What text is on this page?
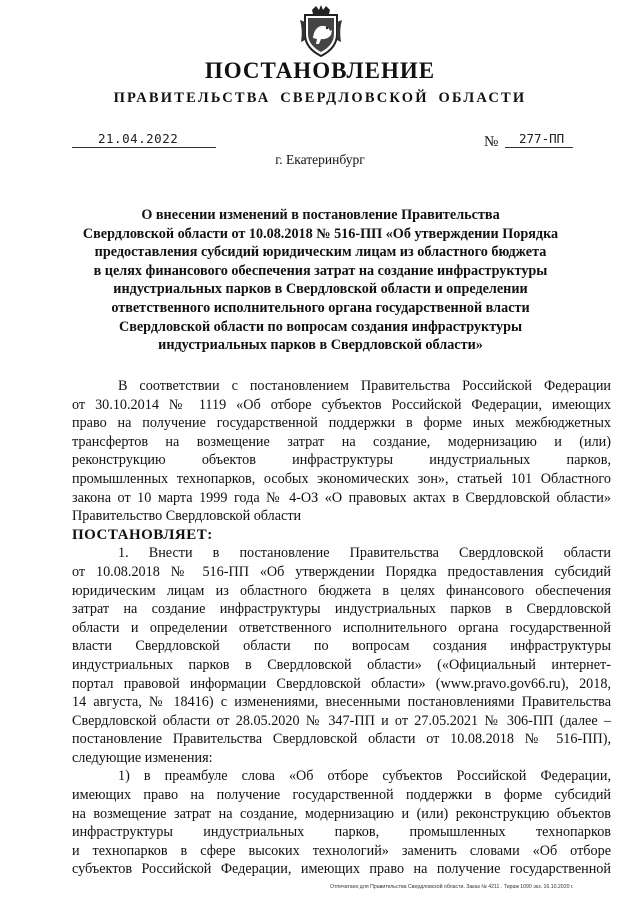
ПОСТАНОВЛЕНИЕ
ПРАВИТЕЛЬСТВА СВЕРДЛОВСКОЙ ОБЛАСТИ
21.04.2022	№ 277-ПП
г. Екатеринбург
О внесении изменений в постановление Правительства
Свердловской области от 10.08.2018 № 516-ПП «Об утверждении Порядка
предоставления субсидий юридическим лицам из областного бюджета
в целях финансового обеспечения затрат на создание инфраструктуры
индустриальных парков в Свердловской области и определении
ответственного исполнительного органа государственной власти
Свердловской области по вопросам создания инфраструктуры
индустриальных парков в Свердловской области»
В соответствии с постановлением Правительства Российской Федерации
от 30.10.2014 № 1119 «Об отборе субъектов Российской Федерации, имеющих
право на получение государственной поддержки в форме иных межбюджетных
трансфертов на возмещение затрат на создание, модернизацию и (или)
реконструкцию объектов инфраструктуры индустриальных парков,
промышленных технопарков, особых экономических зон», статьей 101 Областного
закона от 10 марта 1999 года № 4-ОЗ «О правовых актах в Свердловской области»
Правительство Свердловской области
ПОСТАНОВЛЯЕТ:
1. Внести в постановление Правительства Свердловской области
от 10.08.2018 № 516-ПП «Об утверждении Порядка предоставления субсидий
юридическим лицам из областного бюджета в целях финансового обеспечения
затрат на создание инфраструктуры индустриальных парков в Свердловской
области и определении ответственного исполнительного органа государственной
власти Свердловской области по вопросам создания инфраструктуры
индустриальных парков в Свердловской области» («Официальный интернет-
портал правовой информации Свердловской области» (www.pravo.gov66.ru), 2018,
14 августа, № 18416) с изменениями, внесенными постановлениями Правительства
Свердловской области от 28.05.2020 № 347-ПП и от 27.05.2021 № 306-ПП (далее –
постановление Правительства Свердловской области от 10.08.2018 № 516-ПП),
следующие изменения:
1) в преамбуле слова «Об отборе субъектов Российской Федерации,
имеющих право на получение государственной поддержки в форме субсидий
на возмещение затрат на создание, модернизацию и (или) реконструкцию объектов
инфраструктуры индустриальных парков, промышленных технопарков
и технопарков в сфере высоких технологий» заменить словами «Об отборе
субъектов Российской Федерации, имеющих право на получение государственной
Отпечатано для Правительства Свердловской области. Заказ № 4211 . Тираж 1090 экз. 16.10.2020 г.
